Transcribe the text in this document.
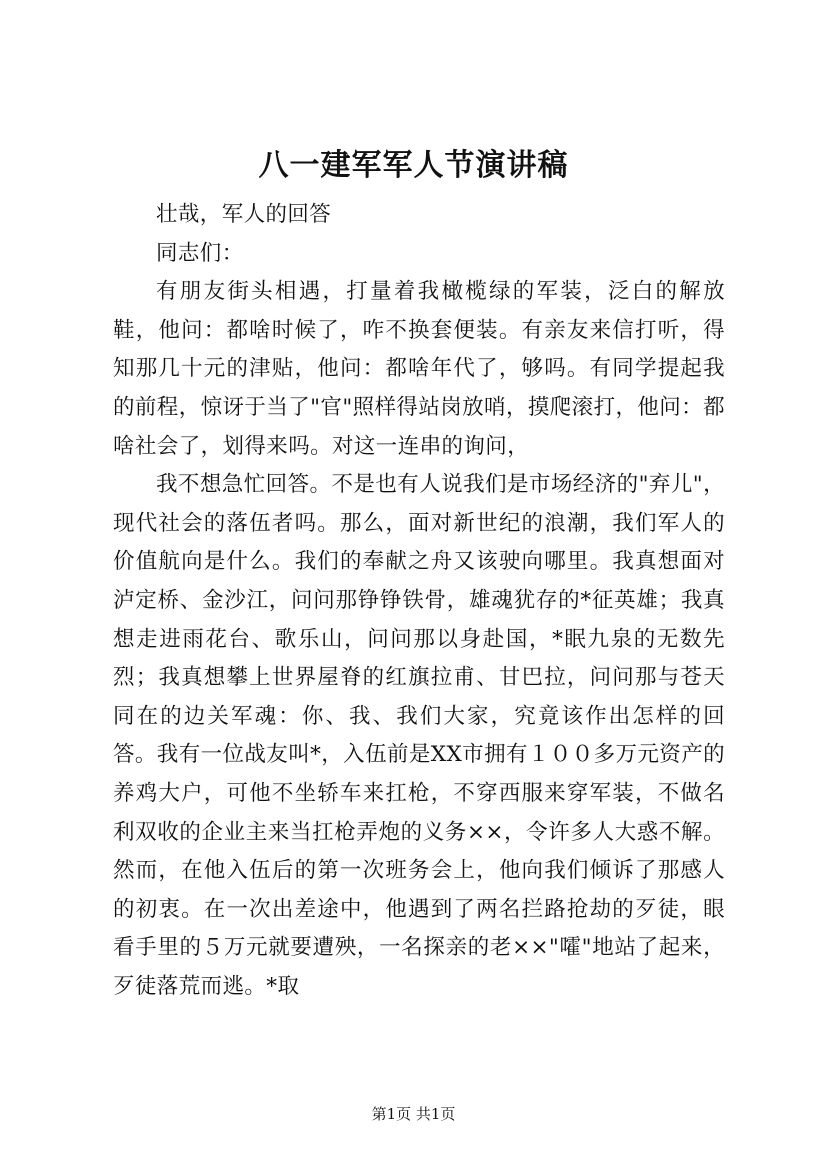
八一建军军人节演讲稿

壮哉，军人的回答

同志们：

有朋友街头相遇，打量着我橄榄绿的军装，泛白的解放鞋，他问：都啥时候了，咋不换套便装。有亲友来信打听，得知那几十元的津贴，他问：都啥年代了，够吗。有同学提起我的前程，惊讶于当了"官"照样得站岗放哨，摸爬滚打，他问：都啥社会了，划得来吗。对这一连串的询问，

我不想急忙回答。不是也有人说我们是市场经济的"弃儿"，现代社会的落伍者吗。那么，面对新世纪的浪潮，我们军人的价值航向是什么。我们的奉献之舟又该驶向哪里。我真想面对泸定桥、金沙江，问问那铮铮铁骨，雄魂犹存的*征英雄；我真想走进雨花台、歌乐山，问问那以身赴国，*眠九泉的无数先烈；我真想攀上世界屋脊的红旗拉甫、甘巴拉，问问那与苍天同在的边关军魂：你、我、我们大家，究竟该作出怎样的回答。我有一位战友叫*，入伍前是XX市拥有１００多万元资产的养鸡大户，可他不坐轿车来扛枪，不穿西服来穿军装，不做名利双收的企业主来当扛枪弄炮的义务××，令许多人大惑不解。然而，在他入伍后的第一次班务会上，他向我们倾诉了那感人的初衷。在一次出差途中，他遇到了两名拦路抢劫的歹徒，眼看手里的５万元就要遭殃，一名探亲的老××"嚯"地站了起来，歹徒落荒而逃。*取

第1页 共1页
